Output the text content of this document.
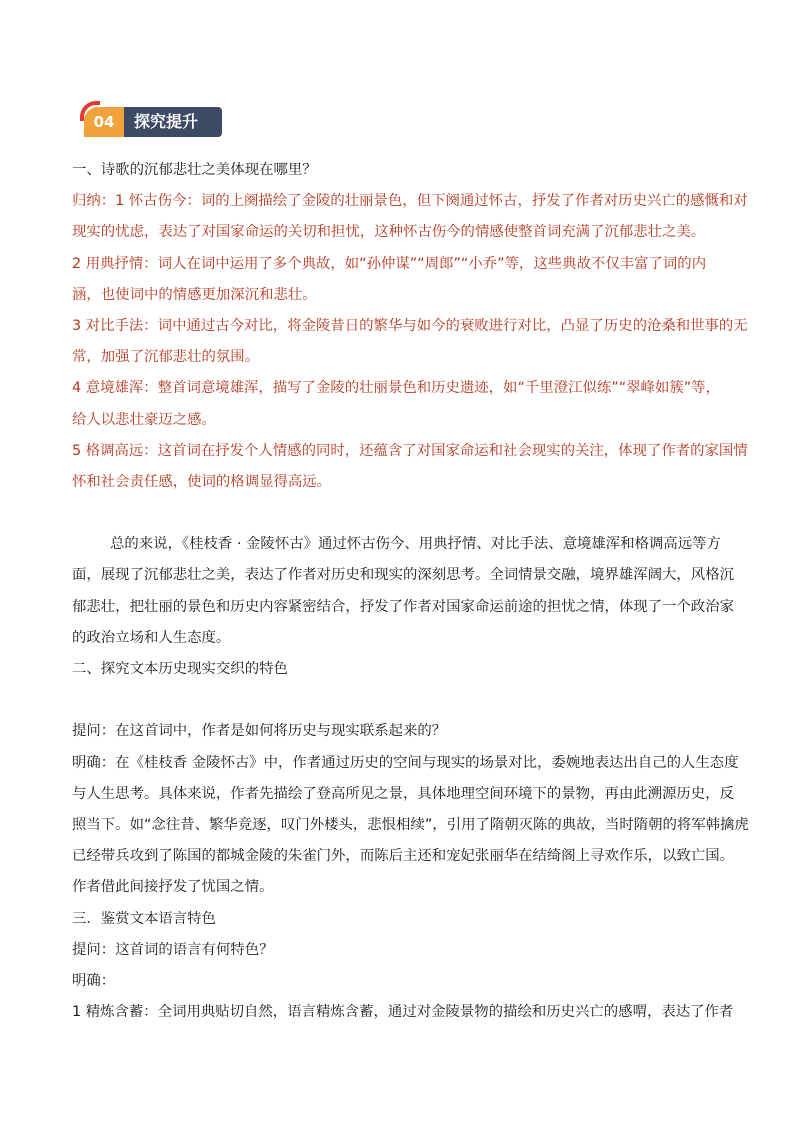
04	探究提升
一、诗歌的沉郁悲壮之美体现在哪里？
归纳：1 怀古伤今：词的上阕描绘了金陵的壮丽景色，但下阕通过怀古，抒发了作者对历史兴亡的感慨和对
现实的忧虑，表达了对国家命运的关切和担忧，这种怀古伤今的情感使整首词充满了沉郁悲壮之美。
2 用典抒情：词人在词中运用了多个典故，如“孙仲谋”“周郎”“小乔”等，这些典故不仅丰富了词的内
涵，也使词中的情感更加深沉和悲壮。
3 对比手法：词中通过古今对比，将金陵昔日的繁华与如今的衰败进行对比，凸显了历史的沧桑和世事的无
常，加强了沉郁悲壮的氛围。
4 意境雄浑：整首词意境雄浑，描写了金陵的壮丽景色和历史遗迹，如“千里澄江似练”“翠峰如簇”等，
给人以悲壮豪迈之感。
5 格调高远：这首词在抒发个人情感的同时，还蕴含了对国家命运和社会现实的关注，体现了作者的家国情
怀和社会责任感，使词的格调显得高远。
总的来说，《桂枝香 · 金陵怀古》通过怀古伤今、用典抒情、对比手法、意境雄浑和格调高远等方
面，展现了沉郁悲壮之美，表达了作者对历史和现实的深刻思考。全词情景交融，境界雄浑阔大，风格沉
郁悲壮，把壮丽的景色和历史内容紧密结合，抒发了作者对国家命运前途的担忧之情，体现了一个政治家
的政治立场和人生态度。
二、探究文本历史现实交织的特色
提问：在这首词中，作者是如何将历史与现实联系起来的？
明确：在《桂枝香 金陵怀古》中，作者通过历史的空间与现实的场景对比，委婉地表达出自己的人生态度
与人生思考。具体来说，作者先描绘了登高所见之景，具体地理空间环境下的景物，再由此溯源历史，反
照当下。如“念往昔、繁华竞逐，叹门外楼头，悲恨相续”，引用了隋朝灭陈的典故，当时隋朝的将军韩擒虎
已经带兵攻到了陈国的都城金陵的朱雀门外，而陈后主还和宠妃张丽华在结绮阁上寻欢作乐，以致亡国。
作者借此间接抒发了忧国之情。
三．鉴赏文本语言特色
提问：这首词的语言有何特色？
明确：
1 精炼含蓄：全词用典贴切自然，语言精炼含蓄，通过对金陵景物的描绘和历史兴亡的感喟，表达了作者
